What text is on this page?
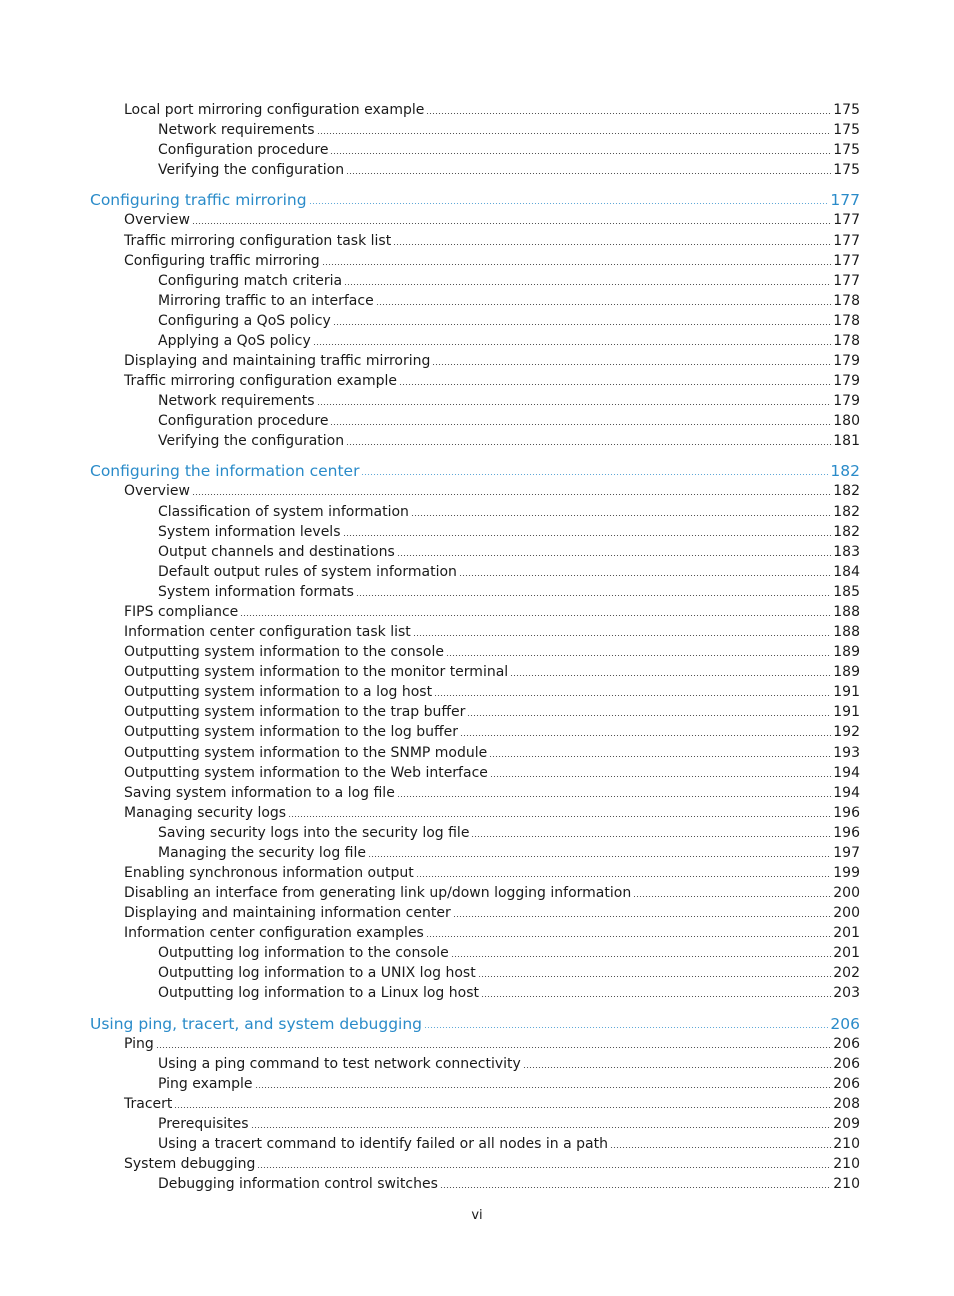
Local port mirroring configuration example	175
Network requirements	175
Configuration procedure	175
Verifying the configuration	175
Configuring traffic mirroring	177
Overview	177
Traffic mirroring configuration task list	177
Configuring traffic mirroring	177
Configuring match criteria	177
Mirroring traffic to an interface	178
Configuring a QoS policy	178
Applying a QoS policy	178
Displaying and maintaining traffic mirroring	179
Traffic mirroring configuration example	179
Network requirements	179
Configuration procedure	180
Verifying the configuration	181
Configuring the information center	182
Overview	182
Classification of system information	182
System information levels	182
Output channels and destinations	183
Default output rules of system information	184
System information formats	185
FIPS compliance	188
Information center configuration task list	188
Outputting system information to the console	189
Outputting system information to the monitor terminal	189
Outputting system information to a log host	191
Outputting system information to the trap buffer	191
Outputting system information to the log buffer	192
Outputting system information to the SNMP module	193
Outputting system information to the Web interface	194
Saving system information to a log file	194
Managing security logs	196
Saving security logs into the security log file	196
Managing the security log file	197
Enabling synchronous information output	199
Disabling an interface from generating link up/down logging information	200
Displaying and maintaining information center	200
Information center configuration examples	201
Outputting log information to the console	201
Outputting log information to a UNIX log host	202
Outputting log information to a Linux log host	203
Using ping, tracert, and system debugging	206
Ping	206
Using a ping command to test network connectivity	206
Ping example	206
Tracert	208
Prerequisites	209
Using a tracert command to identify failed or all nodes in a path	210
System debugging	210
Debugging information control switches	210
vi
